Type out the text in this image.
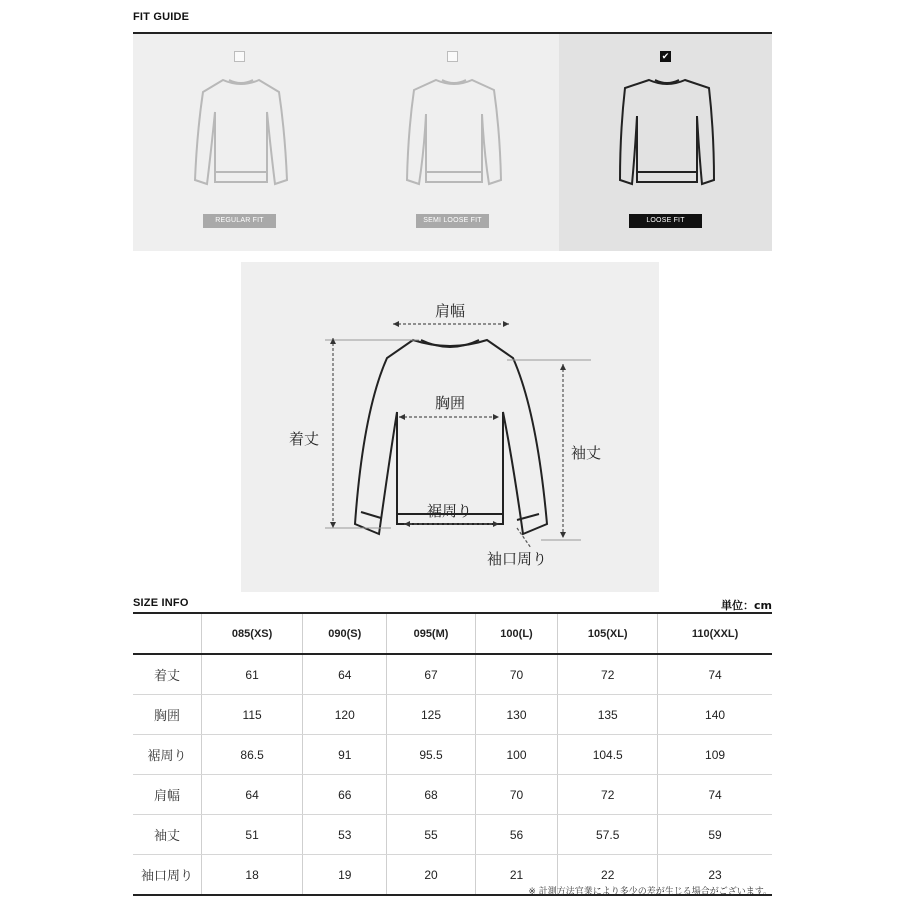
FIT GUIDE
REGULAR FIT	SEMI LOOSE FIT
✔
LOOSE FIT
肩幅
胸囲
着丈
袖丈
裾周り
袖口周り
SIZE INFO	単位：cm
	085(XS)	090(S)	095(M)	100(L)	105(XL)	110(XXL)
着丈	61	64	67	70	72	74
胸囲	115	120	125	130	135	140
裾周り	86.5	91	95.5	100	104.5	109
肩幅	64	66	68	70	72	74
袖丈	51	53	55	56	57.5	59
袖口周り	18	19	20	21	22	23
※ 計測方法官業により多少の差が生じる場合がございます。
